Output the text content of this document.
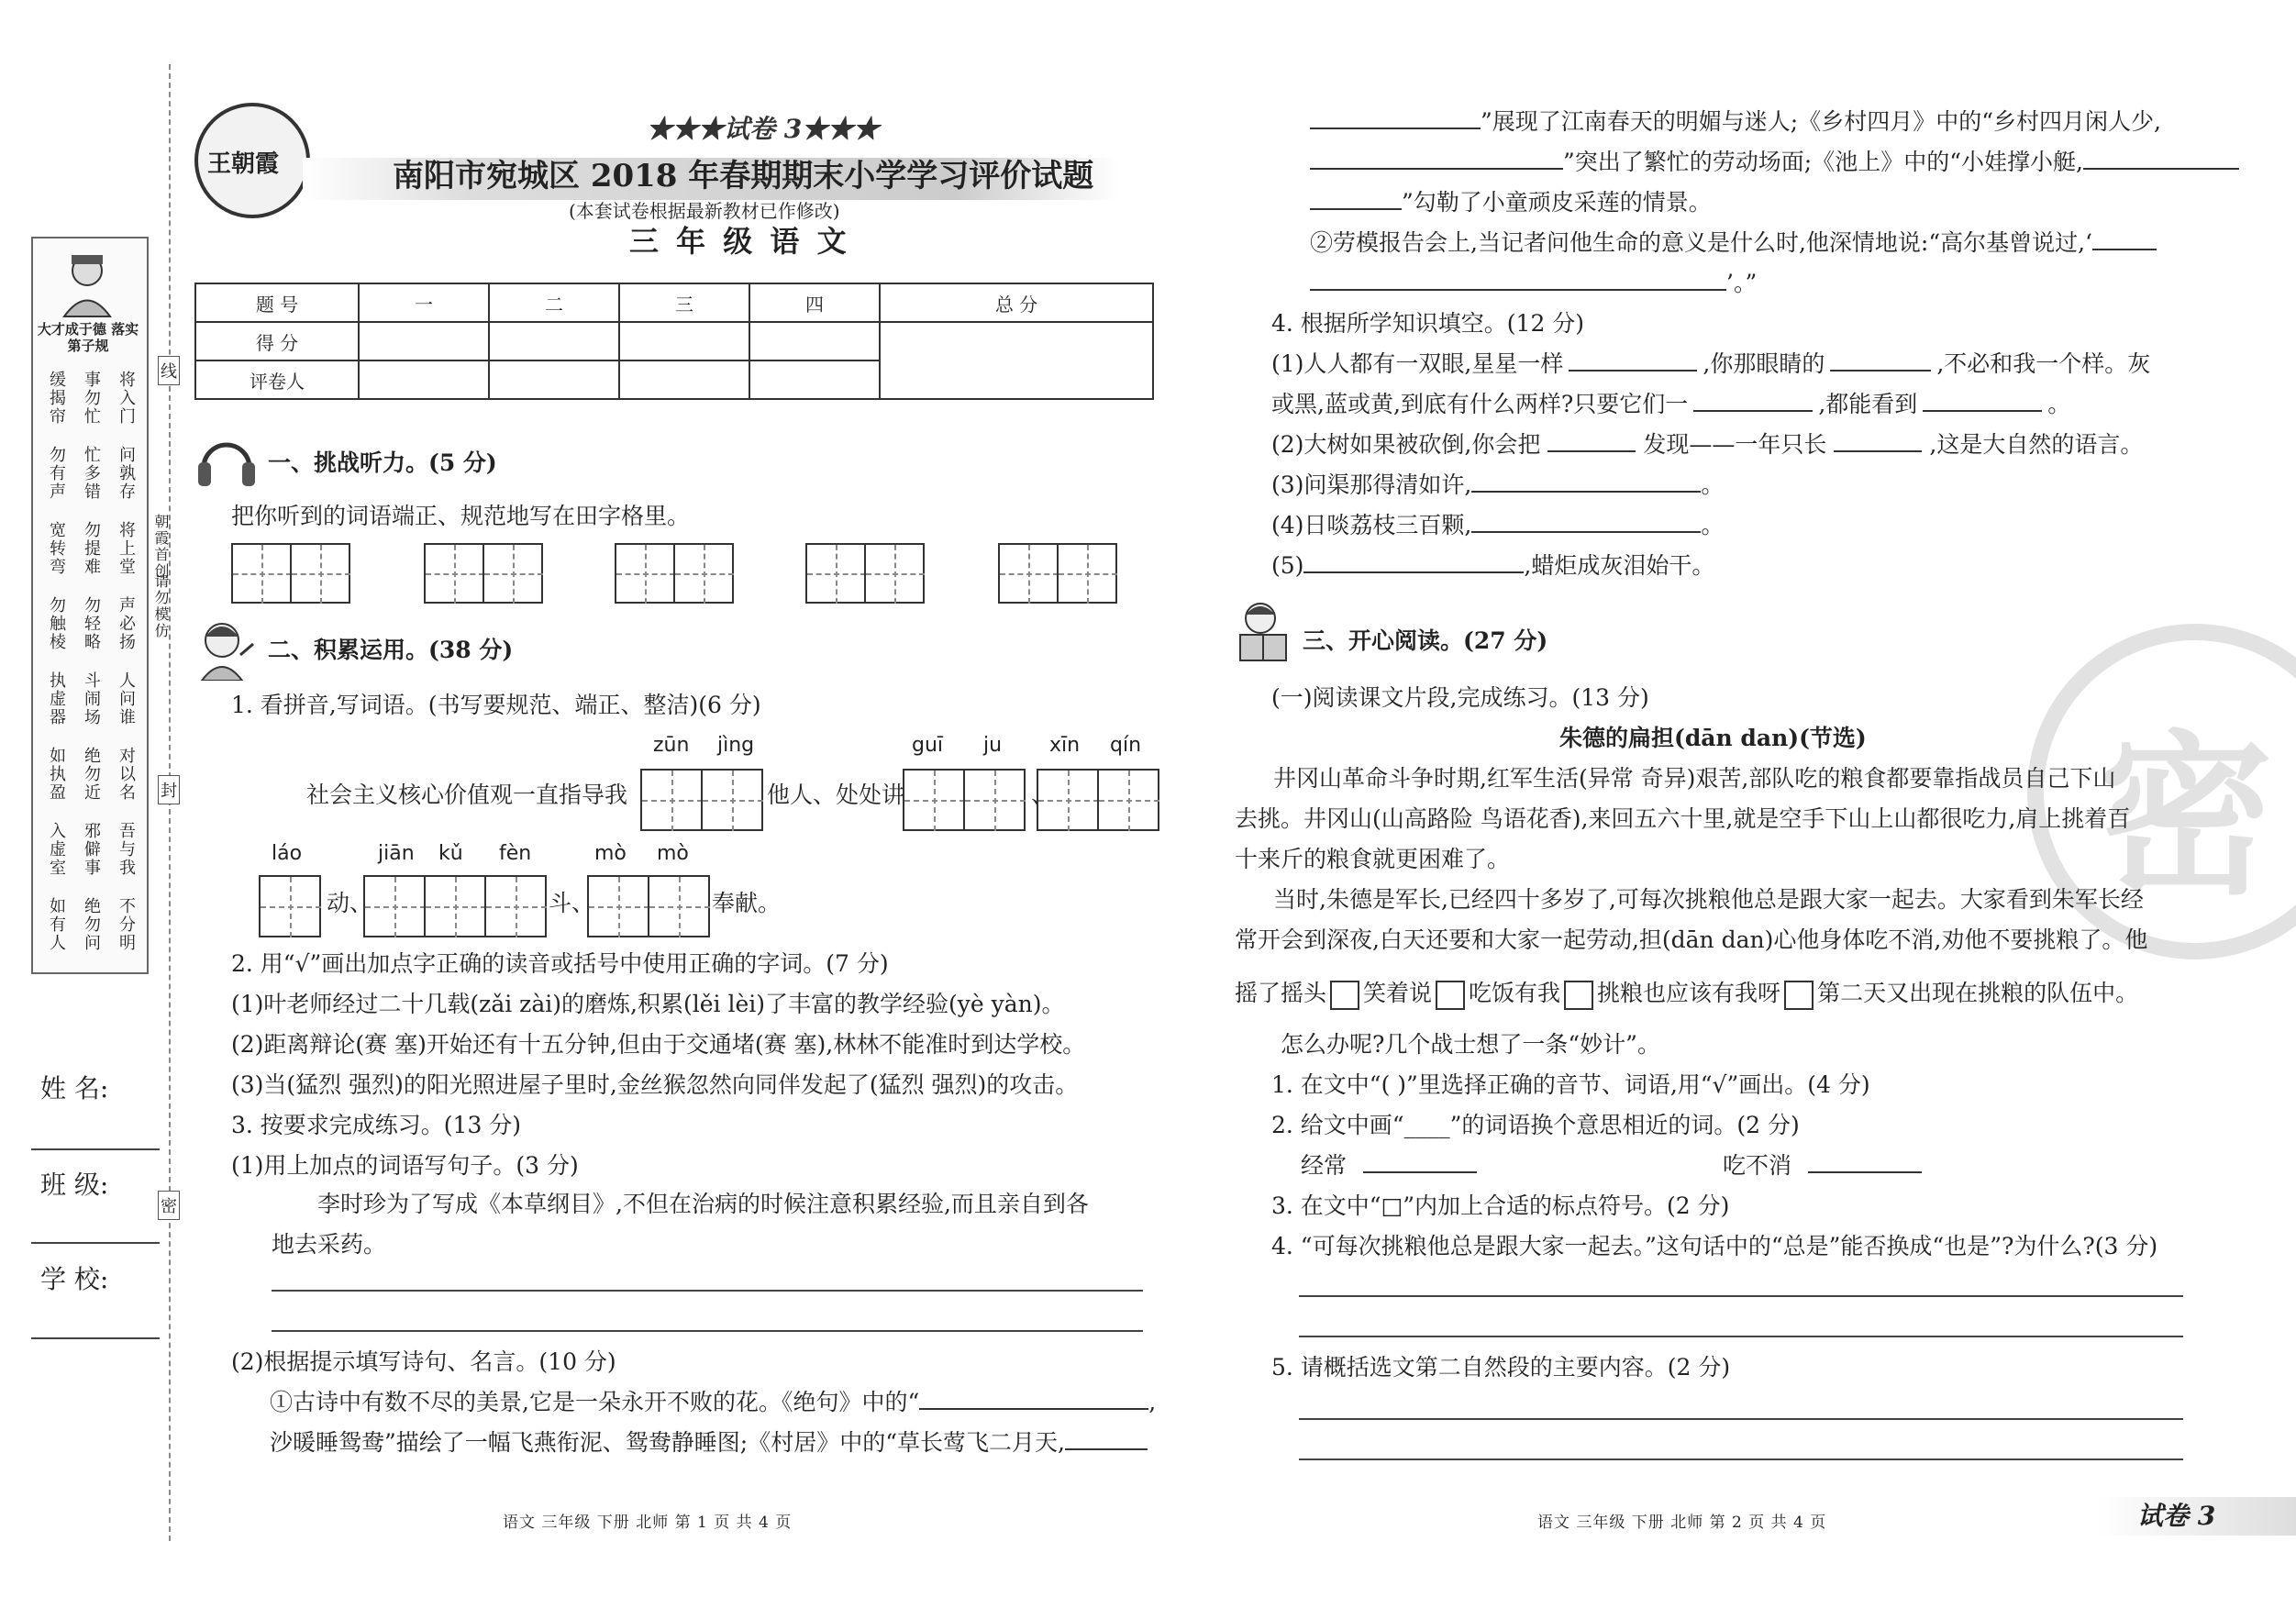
大才成于德 落实第子规
将入门
事勿忙
缓揭帘
问孰存
忙多错
勿有声
将上堂
勿提难
宽转弯
声必扬
勿轻略
勿触棱
人问谁
斗闹场
执虚器
对以名
绝勿近
如执盈
吾与我
邪僻事
入虚室
不分明
绝勿问
如有人
姓 名:
班 级:
学 校:
线
封
密
朝霞首创
请勿模仿
王朝霞
★★★试卷 3★★★
南阳市宛城区 2018 年春期期末小学学习评价试题
(本套试卷根据最新教材已作修改)
三 年 级 语 文
题 号	一	二	三	四	总 分
得 分					
评卷人					
一、挑战听力。(5 分)
把你听到的词语端正、规范地写在田字格里。
二、积累运用。(38 分)
1. 看拼音,写词语。(书写要规范、端正、整洁)(6 分)
zūn jìng	guī ju xīn qín
社会主义核心价值观一直指导我	他人、处处讲	、
láo	jiān kǔ fèn	mò mò
动、	斗、	奉献。
2. 用“√”画出加点字正确的读音或括号中使用正确的字词。(7 分)
(1)叶老师经过二十几载(zǎi zài)的磨炼,积累(lěi lèi)了丰富的教学经验(yè yàn)。
(2)距离辩论(赛 塞)开始还有十五分钟,但由于交通堵(赛 塞),林林不能准时到达学校。
(3)当(猛烈 强烈)的阳光照进屋子里时,金丝猴忽然向同伴发起了(猛烈 强烈)的攻击。
3. 按要求完成练习。(13 分)
(1)用上加点的词语写句子。(3 分)
李时珍为了写成《本草纲目》,不但在治病的时候注意积累经验,而且亲自到各
地去采药。
(2)根据提示填写诗句、名言。(10 分)
①古诗中有数不尽的美景,它是一朵永开不败的花。《绝句》中的“	,
沙暖睡鸳鸯”描绘了一幅飞燕衔泥、鸳鸯静睡图;《村居》中的“草长莺飞二月天,
语文 三年级 下册 北师 第 1 页 共 4 页
密
”展现了江南春天的明媚与迷人;《乡村四月》中的“乡村四月闲人少,
”突出了繁忙的劳动场面;《池上》中的“小娃撑小艇,
”勾勒了小童顽皮采莲的情景。
②劳模报告会上,当记者问他生命的意义是什么时,他深情地说:“高尔基曾说过,‘
’。”
4. 根据所学知识填空。(12 分)
(1)人人都有一双眼,星星一样	,你那眼睛的	,不必和我一个样。灰
或黑,蓝或黄,到底有什么两样?只要它们一	,都能看到	。
(2)大树如果被砍倒,你会把	发现——一年只长	,这是大自然的语言。
(3)问渠那得清如许,	。
(4)日啖荔枝三百颗,	。
(5)	,蜡炬成灰泪始干。
三、开心阅读。(27 分)
(一)阅读课文片段,完成练习。(13 分)
朱德的扁担(dān dan)(节选)
井冈山革命斗争时期,红军生活(异常 奇异)艰苦,部队吃的粮食都要靠指战员自己下山
去挑。井冈山(山高路险 鸟语花香),来回五六十里,就是空手下山上山都很吃力,肩上挑着百
十来斤的粮食就更困难了。
当时,朱德是军长,已经四十多岁了,可每次挑粮他总是跟大家一起去。大家看到朱军长经
常开会到深夜,白天还要和大家一起劳动,担(dān dan)心他身体吃不消,劝他不要挑粮了。他
摇了摇头 笑着说 吃饭有我 挑粮也应该有我呀 第二天又出现在挑粮的队伍中。
怎么办呢?几个战士想了一条“妙计”。
1. 在文中“( )”里选择正确的音节、词语,用“√”画出。(4 分)
2. 给文中画“____”的词语换个意思相近的词。(2 分)
经常	吃不消
3. 在文中“□”内加上合适的标点符号。(2 分)
4. “可每次挑粮他总是跟大家一起去。”这句话中的“总是”能否换成“也是”?为什么?(3 分)
5. 请概括选文第二自然段的主要内容。(2 分)
语文 三年级 下册 北师 第 2 页 共 4 页	试卷 3
